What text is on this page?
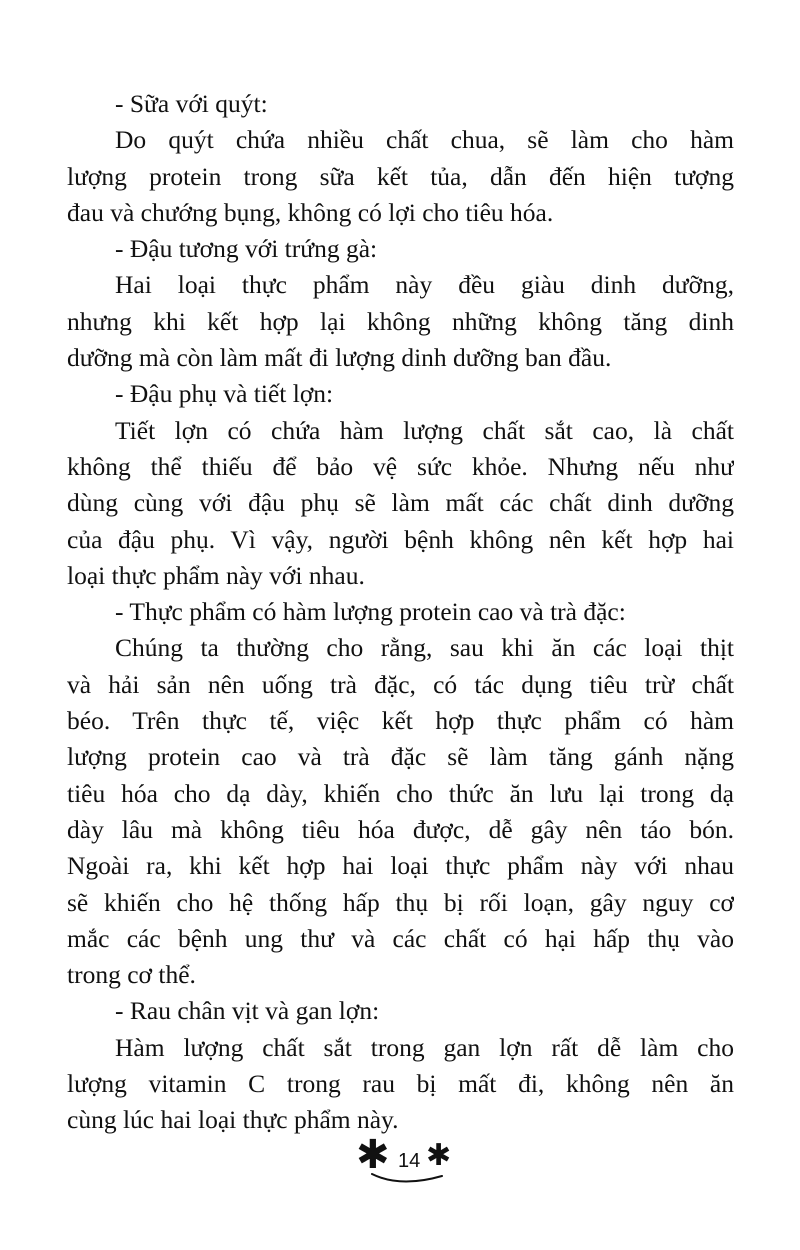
- Sữa với quýt:
Do quýt chứa nhiều chất chua, sẽ làm cho hàm
lượng protein trong sữa kết tủa, dẫn đến hiện tượng
đau và chướng bụng, không có lợi cho tiêu hóa.
- Đậu tương với trứng gà:
Hai loại thực phẩm này đều giàu dinh dưỡng,
nhưng khi kết hợp lại không những không tăng dinh
dưỡng mà còn làm mất đi lượng dinh dưỡng ban đầu.
- Đậu phụ và tiết lợn:
Tiết lợn có chứa hàm lượng chất sắt cao, là chất
không thể thiếu để bảo vệ sức khỏe. Nhưng nếu như
dùng cùng với đậu phụ sẽ làm mất các chất dinh dưỡng
của đậu phụ. Vì vậy, người bệnh không nên kết hợp hai
loại thực phẩm này với nhau.
- Thực phẩm có hàm lượng protein cao và trà đặc:
Chúng ta thường cho rằng, sau khi ăn các loại thịt
và hải sản nên uống trà đặc, có tác dụng tiêu trừ chất
béo. Trên thực tế, việc kết hợp thực phẩm có hàm
lượng protein cao và trà đặc sẽ làm tăng gánh nặng
tiêu hóa cho dạ dày, khiến cho thức ăn lưu lại trong dạ
dày lâu mà không tiêu hóa được, dễ gây nên táo bón.
Ngoài ra, khi kết hợp hai loại thực phẩm này với nhau
sẽ khiến cho hệ thống hấp thụ bị rối loạn, gây nguy cơ
mắc các bệnh ung thư và các chất có hại hấp thụ vào
trong cơ thể.
- Rau chân vịt và gan lợn:
Hàm lượng chất sắt trong gan lợn rất dễ làm cho
lượng vitamin C trong rau bị mất đi, không nên ăn
cùng lúc hai loại thực phẩm này.
✱ 14 ✱
